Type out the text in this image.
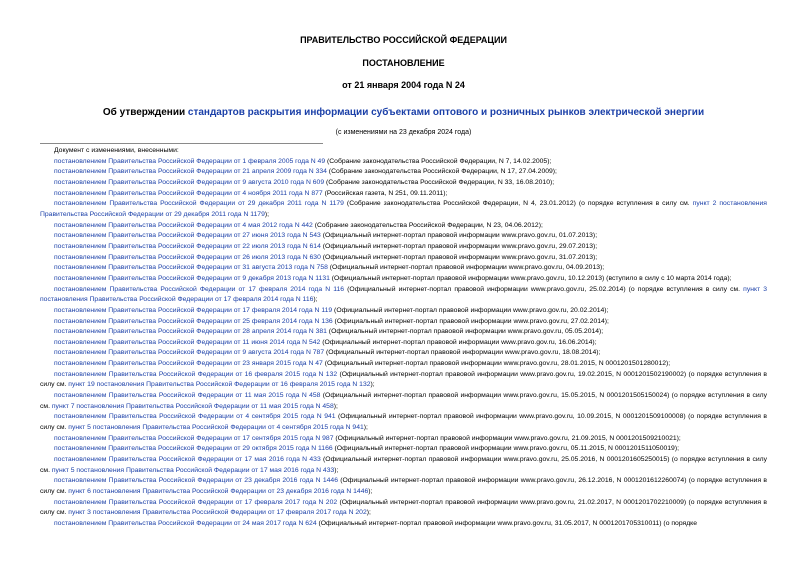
ПРАВИТЕЛЬСТВО РОССИЙСКОЙ ФЕДЕРАЦИИ
ПОСТАНОВЛЕНИЕ
от 21 января 2004 года N 24
Об утверждении стандартов раскрытия информации субъектами оптового и розничных рынков электрической энергии
(с изменениями на 23 декабря 2024 года)
Документ с изменениями, внесенными:
постановлением Правительства Российской Федерации от 1 февраля 2005 года N 49 (Собрание законодательства Российской Федерации, N 7, 14.02.2005);
постановлением Правительства Российской Федерации от 21 апреля 2009 года N 334 (Собрание законодательства Российской Федерации, N 17, 27.04.2009);
постановлением Правительства Российской Федерации от 9 августа 2010 года N 609 (Собрание законодательства Российской Федерации, N 33, 16.08.2010);
постановлением Правительства Российской Федерации от 4 ноября 2011 года N 877 (Российская газета, N 251, 09.11.2011);
постановлением Правительства Российской Федерации от 29 декабря 2011 года N 1179 (Собрание законодательства Российской Федерации, N 4, 23.01.2012) (о порядке вступления в силу см. пункт 2 постановления Правительства Российской Федерации от 29 декабря 2011 года N 1179);
постановлением Правительства Российской Федерации от 4 мая 2012 года N 442 (Собрание законодательства Российской Федерации, N 23, 04.06.2012);
постановлением Правительства Российской Федерации от 27 июня 2013 года N 543 (Официальный интернет-портал правовой информации www.pravo.gov.ru, 01.07.2013);
постановлением Правительства Российской Федерации от 22 июля 2013 года N 614 (Официальный интернет-портал правовой информации www.pravo.gov.ru, 29.07.2013);
постановлением Правительства Российской Федерации от 26 июля 2013 года N 630 (Официальный интернет-портал правовой информации www.pravo.gov.ru, 31.07.2013);
постановлением Правительства Российской Федерации от 31 августа 2013 года N 758 (Официальный интернет-портал правовой информации www.pravo.gov.ru, 04.09.2013);
постановлением Правительства Российской Федерации от 9 декабря 2013 года N 1131 (Официальный интернет-портал правовой информации www.pravo.gov.ru, 10.12.2013) (вступило в силу с 10 марта 2014 года);
постановлением Правительства Российской Федерации от 17 февраля 2014 года N 116 (Официальный интернет-портал правовой информации www.pravo.gov.ru, 25.02.2014) (о порядке вступления в силу см. пункт 3 постановления Правительства Российской Федерации от 17 февраля 2014 года N 116);
постановлением Правительства Российской Федерации от 17 февраля 2014 года N 119 (Официальный интернет-портал правовой информации www.pravo.gov.ru, 20.02.2014);
постановлением Правительства Российской Федерации от 25 февраля 2014 года N 136 (Официальный интернет-портал правовой информации www.pravo.gov.ru, 27.02.2014);
постановлением Правительства Российской Федерации от 28 апреля 2014 года N 381 (Официальный интернет-портал правовой информации www.pravo.gov.ru, 05.05.2014);
постановлением Правительства Российской Федерации от 11 июня 2014 года N 542 (Официальный интернет-портал правовой информации www.pravo.gov.ru, 16.06.2014);
постановлением Правительства Российской Федерации от 9 августа 2014 года N 787 (Официальный интернет-портал правовой информации www.pravo.gov.ru, 18.08.2014);
постановлением Правительства Российской Федерации от 23 января 2015 года N 47 (Официальный интернет-портал правовой информации www.pravo.gov.ru, 28.01.2015, N 0001201501280012);
постановлением Правительства Российской Федерации от 16 февраля 2015 года N 132 (Официальный интернет-портал правовой информации www.pravo.gov.ru, 19.02.2015, N 0001201502190002) (о порядке вступления в силу см. пункт 19 постановления Правительства Российской Федерации от 16 февраля 2015 года N 132);
постановлением Правительства Российской Федерации от 11 мая 2015 года N 458 (Официальный интернет-портал правовой информации www.pravo.gov.ru, 15.05.2015, N 0001201505150024) (о порядке вступления в силу см. пункт 7 постановления Правительства Российской Федерации от 11 мая 2015 года N 458);
постановлением Правительства Российской Федерации от 4 сентября 2015 года N 941 (Официальный интернет-портал правовой информации www.pravo.gov.ru, 10.09.2015, N 0001201509100008) (о порядке вступления в силу см. пункт 5 постановления Правительства Российской Федерации от 4 сентября 2015 года N 941);
постановлением Правительства Российской Федерации от 17 сентября 2015 года N 987 (Официальный интернет-портал правовой информации www.pravo.gov.ru, 21.09.2015, N 0001201509210021);
постановлением Правительства Российской Федерации от 29 октября 2015 года N 1166 (Официальный интернет-портал правовой информации www.pravo.gov.ru, 05.11.2015, N 0001201511050019);
постановлением Правительства Российской Федерации от 17 мая 2016 года N 433 (Официальный интернет-портал правовой информации www.pravo.gov.ru, 25.05.2016, N 0001201605250015) (о порядке вступления в силу см. пункт 5 постановления Правительства Российской Федерации от 17 мая 2016 года N 433);
постановлением Правительства Российской Федерации от 23 декабря 2016 года N 1446 (Официальный интернет-портал правовой информации www.pravo.gov.ru, 26.12.2016, N 0001201612260074) (о порядке вступления в силу см. пункт 6 постановления Правительства Российской Федерации от 23 декабря 2016 года N 1446);
постановлением Правительства Российской Федерации от 17 февраля 2017 года N 202 (Официальный интернет-портал правовой информации www.pravo.gov.ru, 21.02.2017, N 0001201702210009) (о порядке вступления в силу см. пункт 3 постановления Правительства Российской Федерации от 17 февраля 2017 года N 202);
постановлением Правительства Российской Федерации от 24 мая 2017 года N 624 (Официальный интернет-портал правовой информации www.pravo.gov.ru, 31.05.2017, N 0001201705310011) (о порядке
